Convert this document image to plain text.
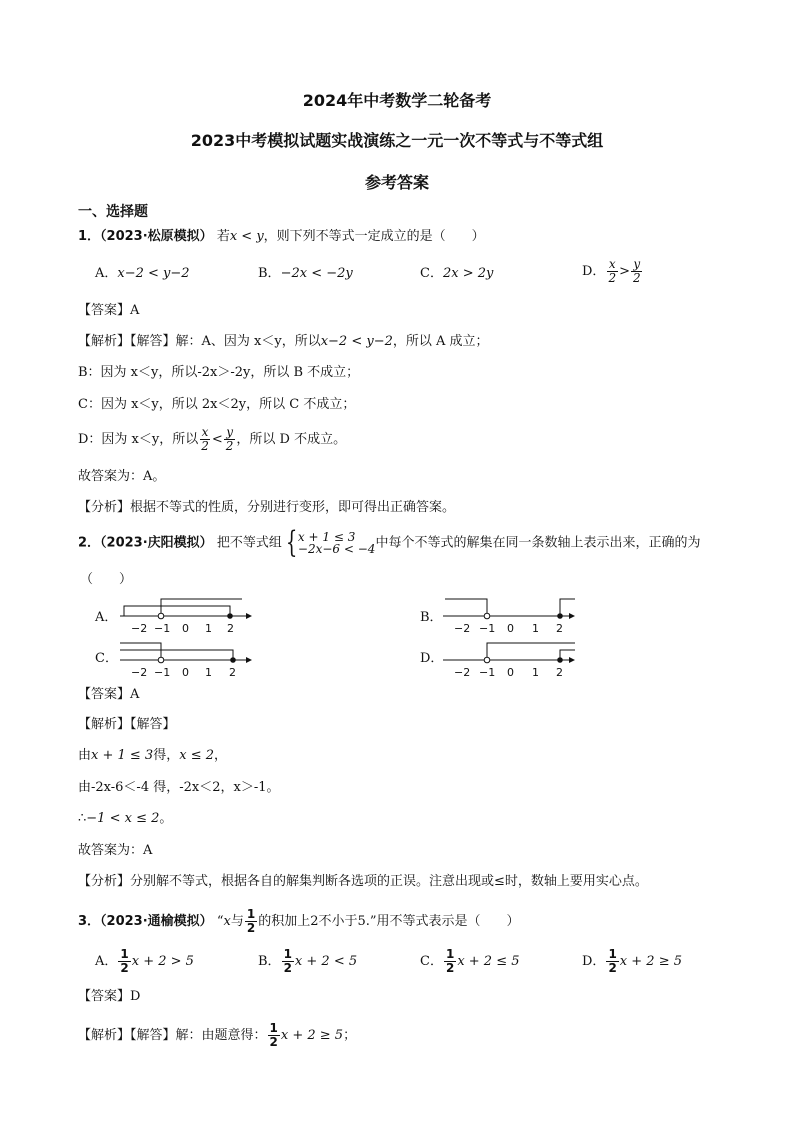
2024年中考数学二轮备考
2023中考模拟试题实战演练之一元一次不等式与不等式组
参考答案
一、选择题
1．（2023·松原模拟） 若x < y，则下列不等式一定成立的是（　　）
A．x−2 < y−2	B．−2x < −2y	C．2x > 2y	D． $\frac{x}{2} > \frac{y}{2}$
【答案】A
【解析】【解答】解：A、因为 x＜y，所以x−2 < y−2，所以 A 成立；
B：因为 x＜y，所以-2x＞-2y，所以 B 不成立；
C：因为 x＜y，所以 2x＜2y，所以 C 不成立；
D：因为 x＜y，所以 $\frac{x}{2} < \frac{y}{2}$ ，所以 D 不成立。
故答案为：A。
【分析】根据不等式的性质，分别进行变形，即可得出正确答案。
2．（2023·庆阳模拟） 把不等式组 { x + 1 ≤ 3
−2x−6 < −4 中每个不等式的解集在同一条数轴上表示出来，正确的为
（　　）
A．
−2 −1 0 1 2
B．
−2 −1 0 1 2
C．
−2 −1 0 1 2
D．
−2 −1 0 1 2
【答案】A
【解析】【解答】
由x + 1 ≤ 3得，x ≤ 2，
由-2x-6＜-4 得，-2x＜2，x＞-1。
∴−1 < x ≤ 2。
故答案为：A
【分析】分别解不等式，根据各自的解集判断各选项的正误。注意出现或≤时，数轴上要用实心点。
3．（2023·通榆模拟） “x与 $\frac{1}{2}$ 的积加上2不小于5.”用不等式表示是（　　）
A． $\frac{1}{2}$ x + 2 > 5	B． $\frac{1}{2}$ x + 2 < 5	C． $\frac{1}{2}$ x + 2 ≤ 5	D． $\frac{1}{2}$ x + 2 ≥ 5
【答案】D
【解析】【解答】解：由题意得： $\frac{1}{2}$ x + 2 ≥ 5；
